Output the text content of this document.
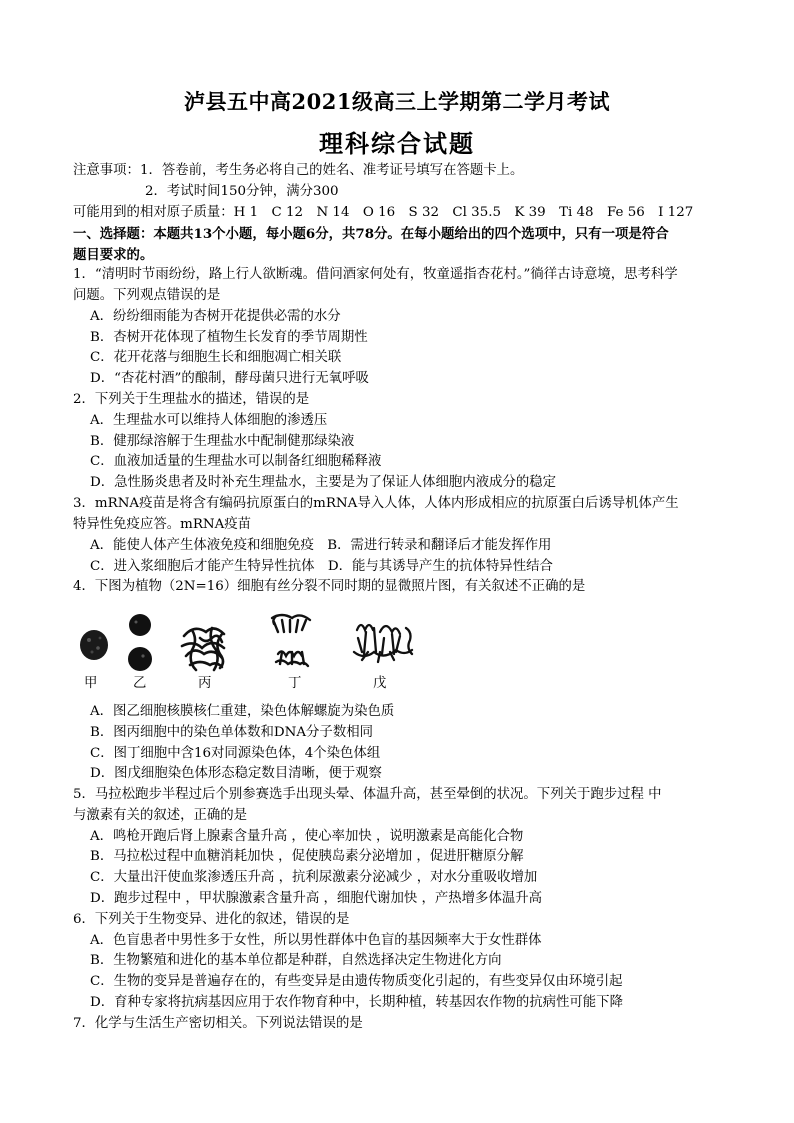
泸县五中高2021级高三上学期第二学月考试
理科综合试题
注意事项：1．答卷前，考生务必将自己的姓名、准考证号填写在答题卡上。
2．考试时间150分钟，满分300
可能用到的相对原子质量：H 1　C 12　N 14　O 16　S 32　Cl 35.5　K 39　Ti 48　Fe 56　I 127
一、选择题：本题共13个小题，每小题6分，共78分。在每小题给出的四个选项中，只有一项是符合
题目要求的。
1．“清明时节雨纷纷，路上行人欲断魂。借问酒家何处有，牧童遥指杏花村。”徜徉古诗意境，思考科学
问题。下列观点错误的是
A．纷纷细雨能为杏树开花提供必需的水分
B．杏树开花体现了植物生长发育的季节周期性
C．花开花落与细胞生长和细胞凋亡相关联
D．“杏花村酒”的酿制，酵母菌只进行无氧呼吸
2．下列关于生理盐水的描述，错误的是
A．生理盐水可以维持人体细胞的渗透压
B．健那绿溶解于生理盐水中配制健那绿染液
C．血液加适量的生理盐水可以制备红细胞稀释液
D．急性肠炎患者及时补充生理盐水，主要是为了保证人体细胞内液成分的稳定
3．mRNA疫苗是将含有编码抗原蛋白的mRNA导入人体，人体内形成相应的抗原蛋白后诱导机体产生
特异性免疫应答。mRNA疫苗
A．能使人体产生体液免疫和细胞免疫　B．需进行转录和翻译后才能发挥作用
C．进入浆细胞后才能产生特异性抗体　D．能与其诱导产生的抗体特异性结合
4．下图为植物（2N=16）细胞有丝分裂不同时期的显微照片图，有关叙述不正确的是
甲	乙	丙	丁	戊
A．图乙细胞核膜核仁重建，染色体解螺旋为染色质
B．图丙细胞中的染色单体数和DNA分子数相同
C．图丁细胞中含16对同源染色体，4个染色体组
D．图戊细胞染色体形态稳定数目清晰，便于观察
5．马拉松跑步半程过后个别参赛选手出现头晕、体温升高，甚至晕倒的状况。下列关于跑步过程 中
与激素有关的叙述，正确的是
A．鸣枪开跑后肾上腺素含量升高 ，使心率加快 ，说明激素是高能化合物
B．马拉松过程中血糖消耗加快 ，促使胰岛素分泌增加 ，促进肝糖原分解
C．大量出汗使血浆渗透压升高 ，抗利尿激素分泌减少 ，对水分重吸收增加
D．跑步过程中 ，甲状腺激素含量升高 ，细胞代谢加快 ，产热增多体温升高
6．下列关于生物变异、进化的叙述，错误的是
A．色盲患者中男性多于女性，所以男性群体中色盲的基因频率大于女性群体
B．生物繁殖和进化的基本单位都是种群，自然选择决定生物进化方向
C．生物的变异是普遍存在的，有些变异是由遗传物质变化引起的，有些变异仅由环境引起
D．育种专家将抗病基因应用于农作物育种中，长期种植，转基因农作物的抗病性可能下降
7．化学与生活生产密切相关。下列说法错误的是
